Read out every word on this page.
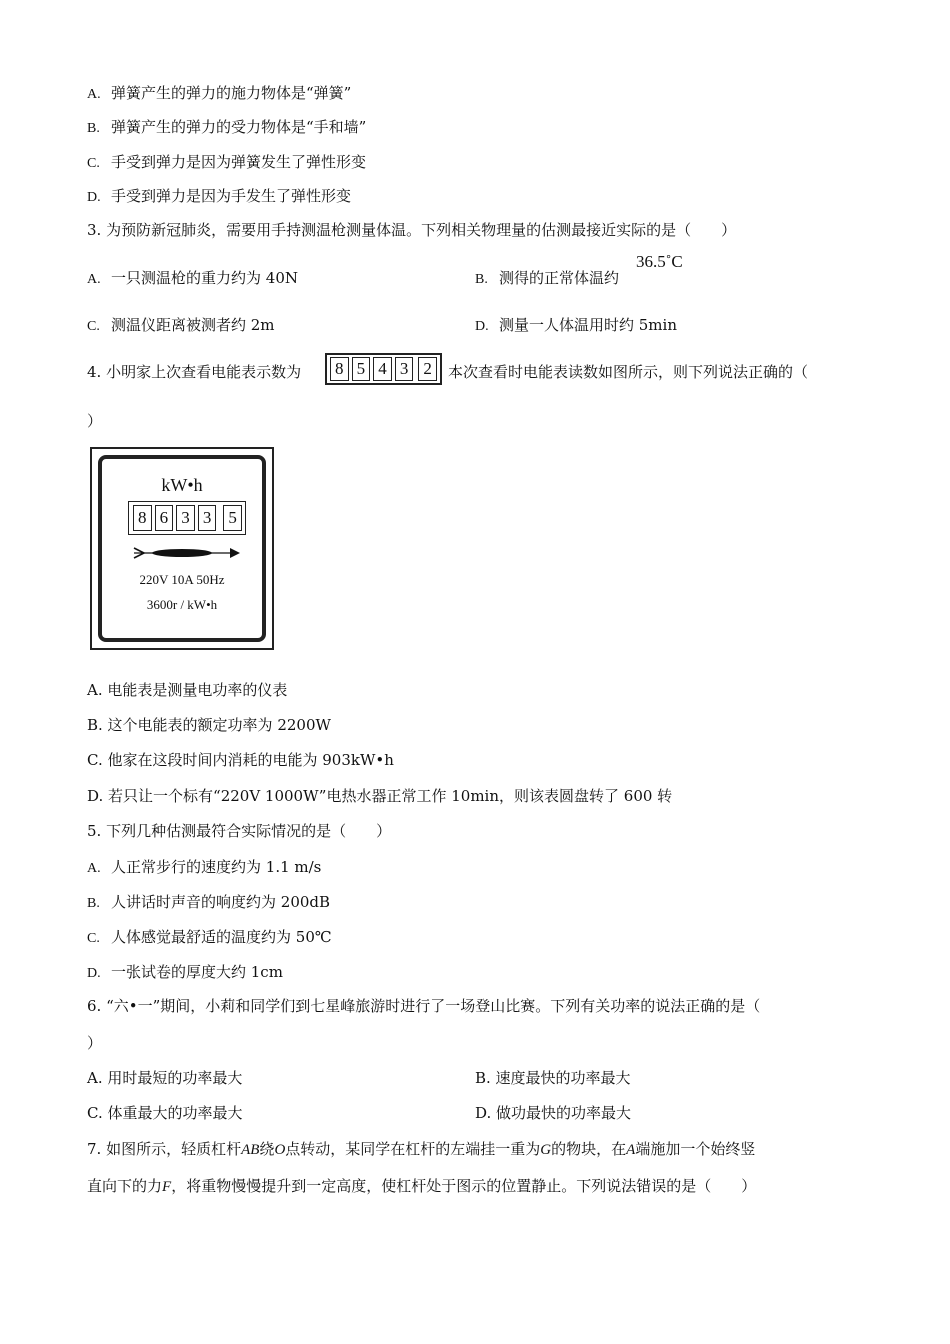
A. 弹簧产生的弹力的施力物体是“弹簧”
B. 弹簧产生的弹力的受力物体是“手和墙”
C. 手受到弹力是因为弹簧发生了弹性形变
D. 手受到弹力是因为手发生了弹性形变
3. 为预防新冠肺炎，需要用手持测温枪测量体温。下列相关物理量的估测最接近实际的是（　　）
A. 一只测温枪的重力约为 40N	B. 测得的正常体温约
36.5˚C
C. 测温仪距离被测者约 2m	D. 测量一人体温用时约 5min
4. 小明家上次查看电能表示数为 8 5 4 3 2	本次查看时电能表读数如图所示，则下列说法正确的（
）
kW•h
8 6 3 3 5
220V 10A 50Hz
3600r / kW•h
A. 电能表是测量电功率的仪表
B. 这个电能表的额定功率为 2200W
C. 他家在这段时间内消耗的电能为 903kW•h
D. 若只让一个标有“220V 1000W”电热水器正常工作 10min，则该表圆盘转了 600 转
5. 下列几种估测最符合实际情况的是（　　）
A. 人正常步行的速度约为 1.1 m/s
B. 人讲话时声音的响度约为 200dB
C. 人体感觉最舒适的温度约为 50℃
D. 一张试卷的厚度大约 1cm
6. “六•一”期间，小莉和同学们到七星峰旅游时进行了一场登山比赛。下列有关功率的说法正确的是（
）
A. 用时最短的功率最大	B. 速度最快的功率最大
C. 体重最大的功率最大	D. 做功最快的功率最大
7. 如图所示，轻质杠杆AB绕O点转动，某同学在杠杆的左端挂一重为G的物块，在A端施加一个始终竖
直向下的力F，将重物慢慢提升到一定高度，使杠杆处于图示的位置静止。下列说法错误的是（　　）
